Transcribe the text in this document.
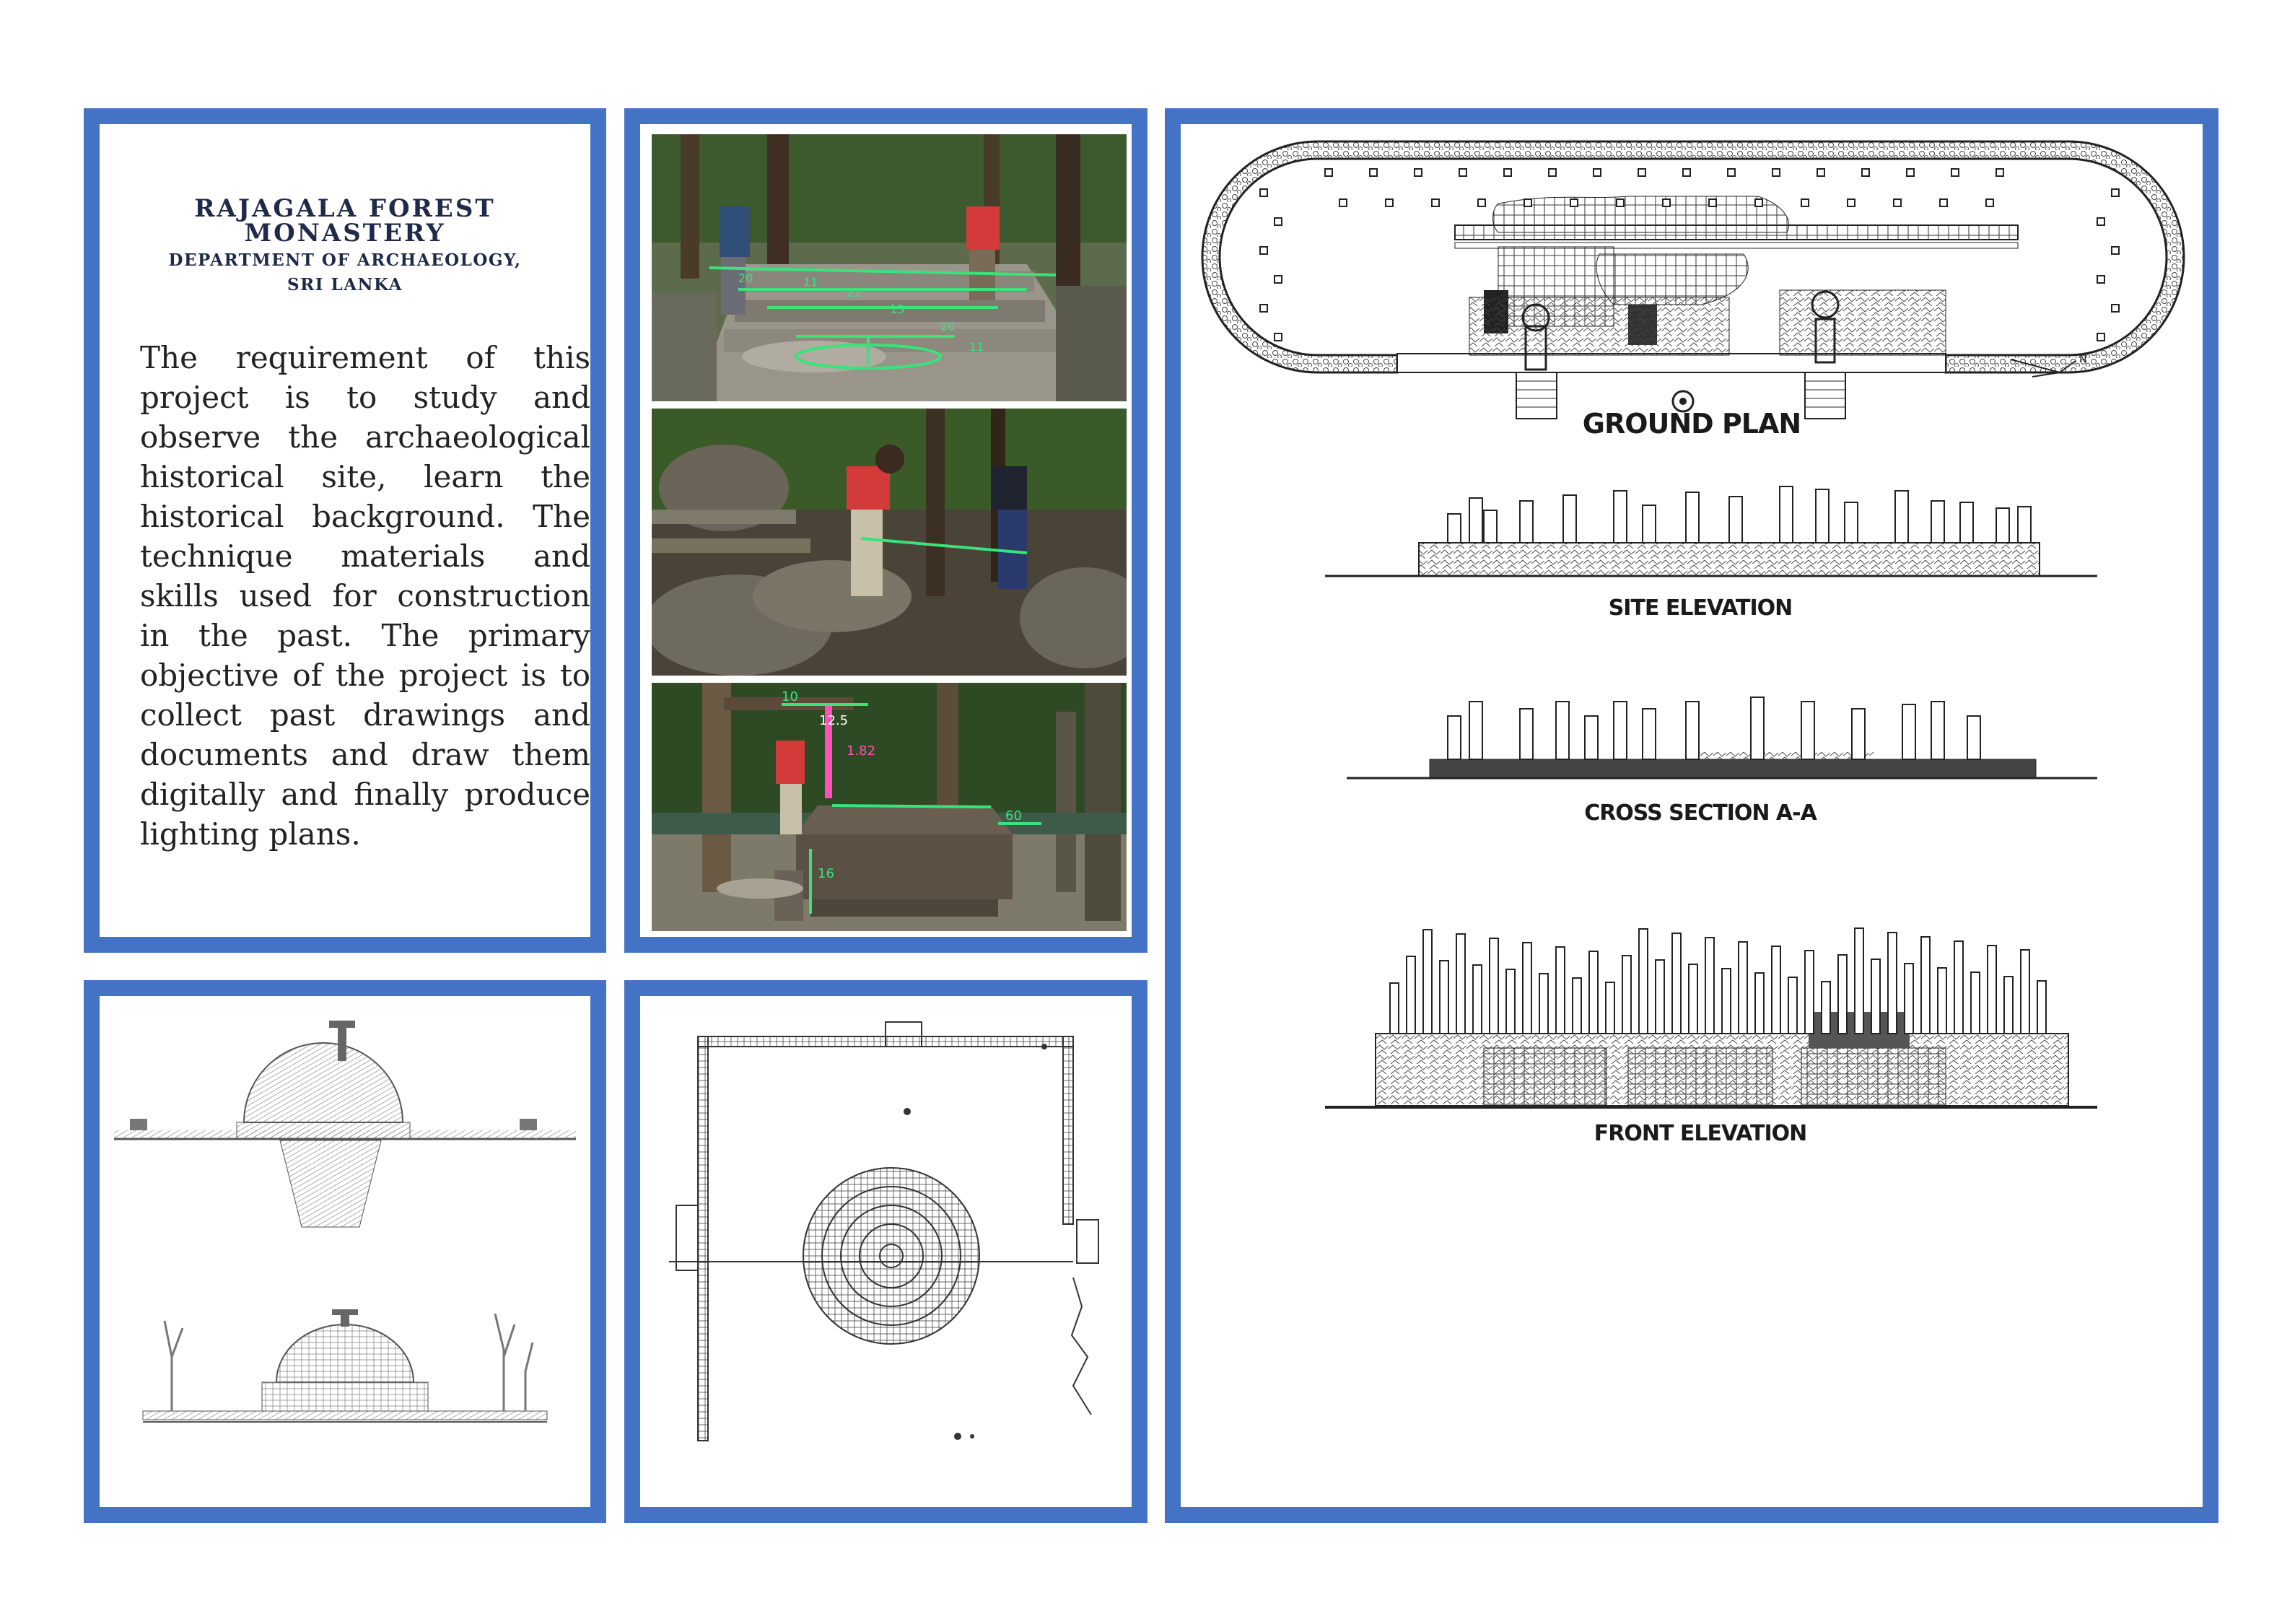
RAJAGALA FOREST
MONASTERY
DEPARTMENT OF ARCHAEOLOGY,
SRI LANKA
The requirement of this project is to study and observe the archaeological historical site, learn the historical background. The technique materials and skills used for construction in the past. The primary objective of the project is to collect past drawings and documents and draw them digitally and finally produce lighting plans.
20	11
21
15
20
11
10
12.5
1.82
16
60
N
GROUND PLAN
SITE ELEVATION
CROSS SECTION A-A
FRONT ELEVATION
